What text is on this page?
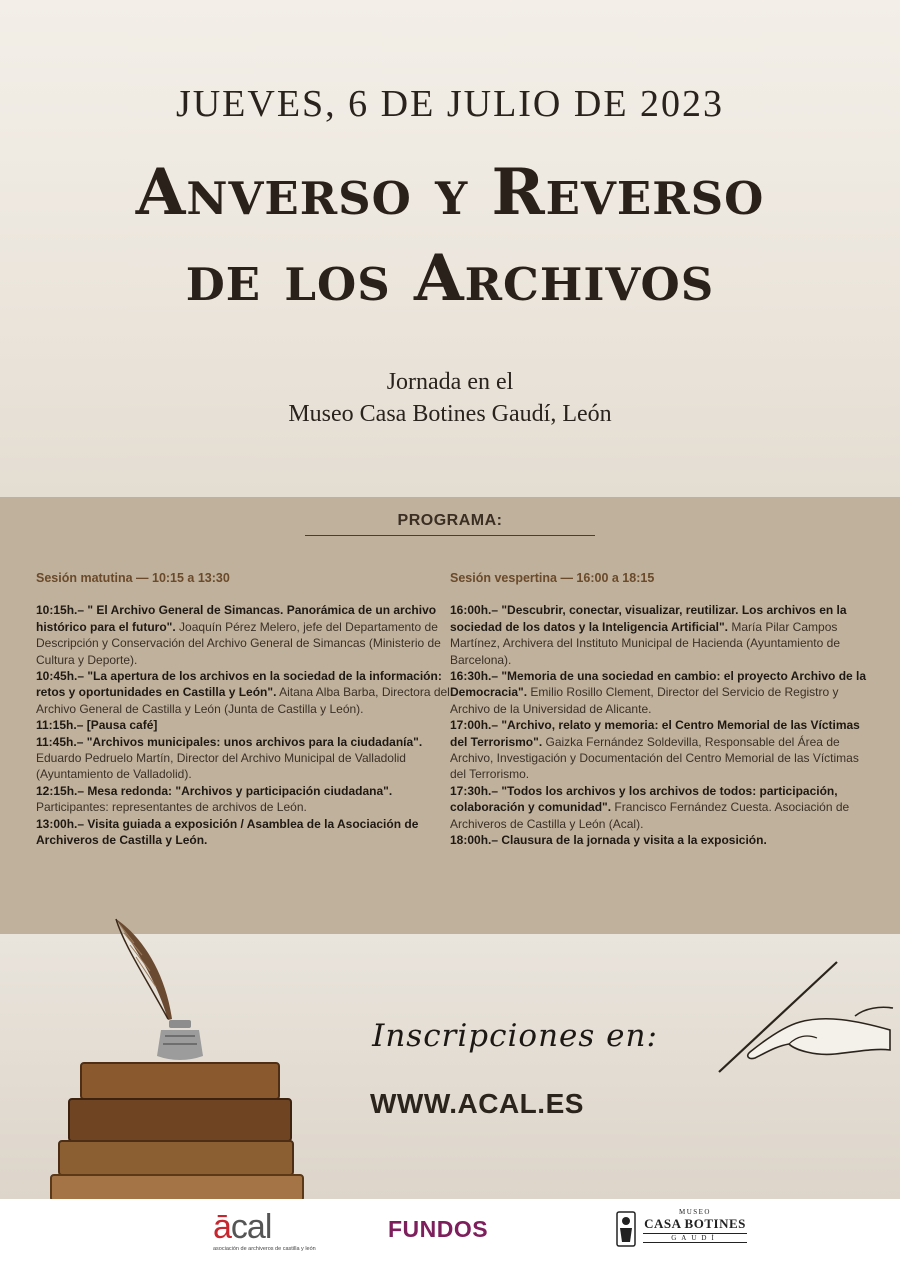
JUEVES, 6 DE JULIO DE 2023
Anverso y Reverso
de los Archivos
Jornada en el
Museo Casa Botines Gaudí, León
PROGRAMA:
Sesión matutina — 10:15 a 13:30

10:15h.– " El Archivo General de Simancas. Panorámica de un archivo histórico para el futuro". Joaquín Pérez Melero, jefe del Departamento de Descripción y Conservación del Archivo General de Simancas (Ministerio de Cultura y Deporte).

10:45h.– "La apertura de los archivos en la sociedad de la información: retos y oportunidades en Castilla y León". Aitana Alba Barba, Directora del Archivo General de Castilla y León (Junta de Castilla y León).

11:15h.– [Pausa café]

11:45h.– "Archivos municipales: unos archivos para la ciudadanía". Eduardo Pedruelo Martín, Director del Archivo Municipal de Valladolid (Ayuntamiento de Valladolid).

12:15h.– Mesa redonda: "Archivos y participación ciudadana". Participantes: representantes de archivos de León.

13:00h.– Visita guiada a exposición / Asamblea de la Asociación de Archiveros de Castilla y León.

Sesión vespertina — 16:00 a 18:15

16:00h.– "Descubrir, conectar, visualizar, reutilizar. Los archivos en la sociedad de los datos y la Inteligencia Artificial". María Pilar Campos Martínez, Archivera del Instituto Municipal de Hacienda (Ayuntamiento de Barcelona).

16:30h.– "Memoria de una sociedad en cambio: el proyecto Archivo de la Democracia". Emilio Rosillo Clement, Director del Servicio de Registro y Archivo de la Universidad de Alicante.

17:00h.– "Archivo, relato y memoria: el Centro Memorial de las Víctimas del Terrorismo". Gaizka Fernández Soldevilla, Responsable del Área de Archivo, Investigación y Documentación del Centro Memorial de las Víctimas del Terrorismo.

17:30h.– "Todos los archivos y los archivos de todos: participación, colaboración y comunidad". Francisco Fernández Cuesta. Asociación de Archiveros de Castilla y León (Acal).

18:00h.– Clausura de la jornada y visita a la exposición.

Inscripciones en:
WWW.ACAL.ES
ācal
asociación de archiveros de castilla y león
FUNDOS
MUSEO
CASA BOTINES
GAUDÍ
